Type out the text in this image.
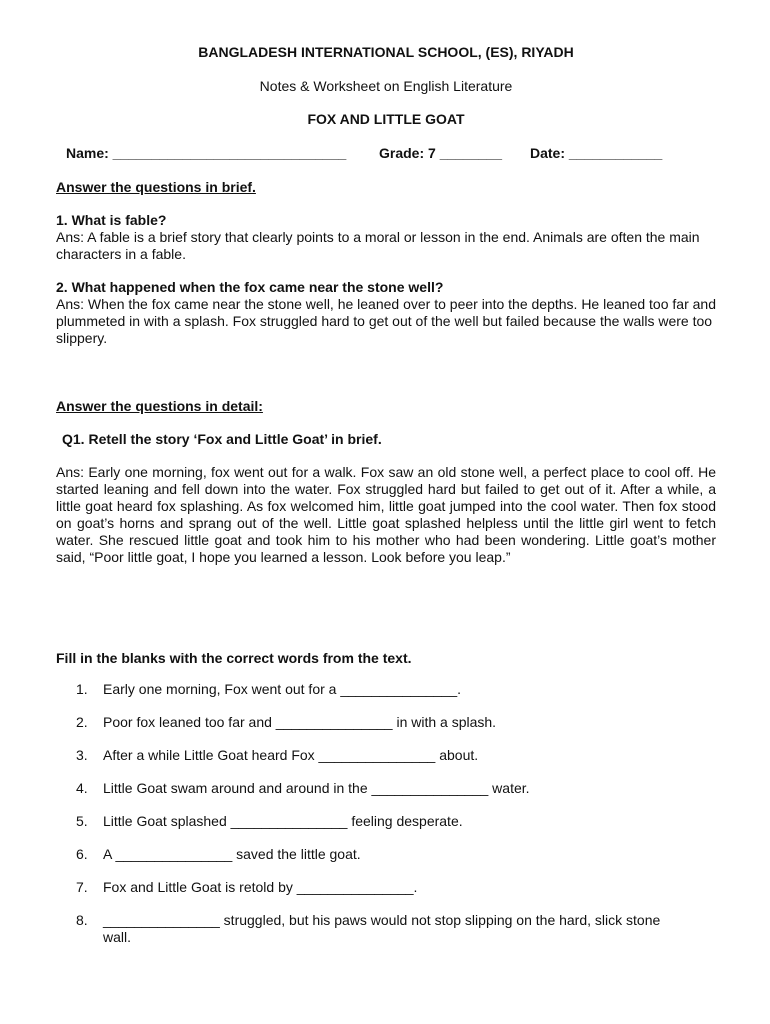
BANGLADESH INTERNATIONAL SCHOOL, (ES), RIYADH
Notes & Worksheet on English Literature
FOX AND LITTLE GOAT
Name: ______________________________ Grade: 7 ________ Date: ____________
Answer the questions in brief.
1. What is fable?
Ans: A fable is a brief story that clearly points to a moral or lesson in the end. Animals are often the main characters in a fable.
2. What happened when the fox came near the stone well?
Ans: When the fox came near the stone well, he leaned over to peer into the depths. He leaned too far and plummeted in with a splash. Fox struggled hard to get out of the well but failed because the walls were too slippery.
Answer the questions in detail:
Q1. Retell the story ‘Fox and Little Goat’ in brief.
Ans: Early one morning, fox went out for a walk. Fox saw an old stone well, a perfect place to cool off. He started leaning and fell down into the water. Fox struggled hard but failed to get out of it. After a while, a little goat heard fox splashing. As fox welcomed him, little goat jumped into the cool water. Then fox stood on goat’s horns and sprang out of the well. Little goat splashed helpless until the little girl went to fetch water. She rescued little goat and took him to his mother who had been wondering. Little goat’s mother said, “Poor little goat, I hope you learned a lesson. Look before you leap.”
Fill in the blanks with the correct words from the text.
1. Early one morning, Fox went out for a _______________.
2. Poor fox leaned too far and _______________ in with a splash.
3. After a while Little Goat heard Fox _______________ about.
4. Little Goat swam around and around in the _______________ water.
5. Little Goat splashed _______________ feeling desperate.
6. A _______________ saved the little goat.
7. Fox and Little Goat is retold by _______________.
8. _______________ struggled, but his paws would not stop slipping on the hard, slick stone wall.
